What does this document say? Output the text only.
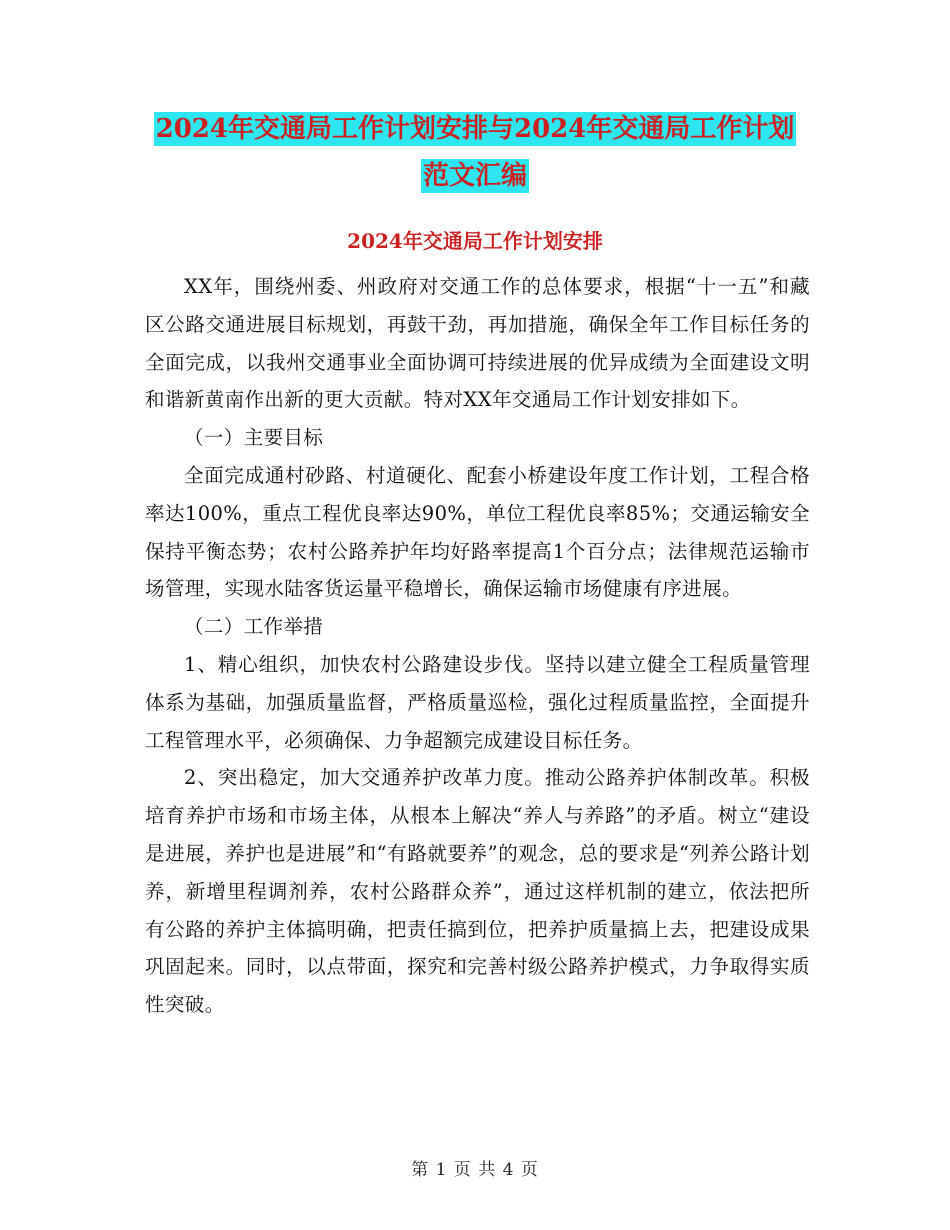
2024年交通局工作计划安排与2024年交通局工作计划
范文汇编
2024年交通局工作计划安排

XX年，围绕州委、州政府对交通工作的总体要求，根据“十一五”和藏区公路交通进展目标规划，再鼓干劲，再加措施，确保全年工作目标任务的全面完成，以我州交通事业全面协调可持续进展的优异成绩为全面建设文明和谐新黄南作出新的更大贡献。特对XX年交通局工作计划安排如下。

（一）主要目标

全面完成通村砂路、村道硬化、配套小桥建设年度工作计划，工程合格率达100%，重点工程优良率达90%，单位工程优良率85%；交通运输安全保持平衡态势；农村公路养护年均好路率提高1个百分点；法律规范运输市场管理，实现水陆客货运量平稳增长，确保运输市场健康有序进展。

（二）工作举措

1、精心组织，加快农村公路建设步伐。坚持以建立健全工程质量管理体系为基础，加强质量监督，严格质量巡检，强化过程质量监控，全面提升工程管理水平，必须确保、力争超额完成建设目标任务。

2、突出稳定，加大交通养护改革力度。推动公路养护体制改革。积极培育养护市场和市场主体，从根本上解决“养人与养路”的矛盾。树立“建设是进展，养护也是进展”和“有路就要养”的观念，总的要求是“列养公路计划养，新增里程调剂养，农村公路群众养”，通过这样机制的建立，依法把所有公路的养护主体搞明确，把责任搞到位，把养护质量搞上去，把建设成果巩固起来。同时，以点带面，探究和完善村级公路养护模式，力争取得实质性突破。

第 1 页 共 4 页
